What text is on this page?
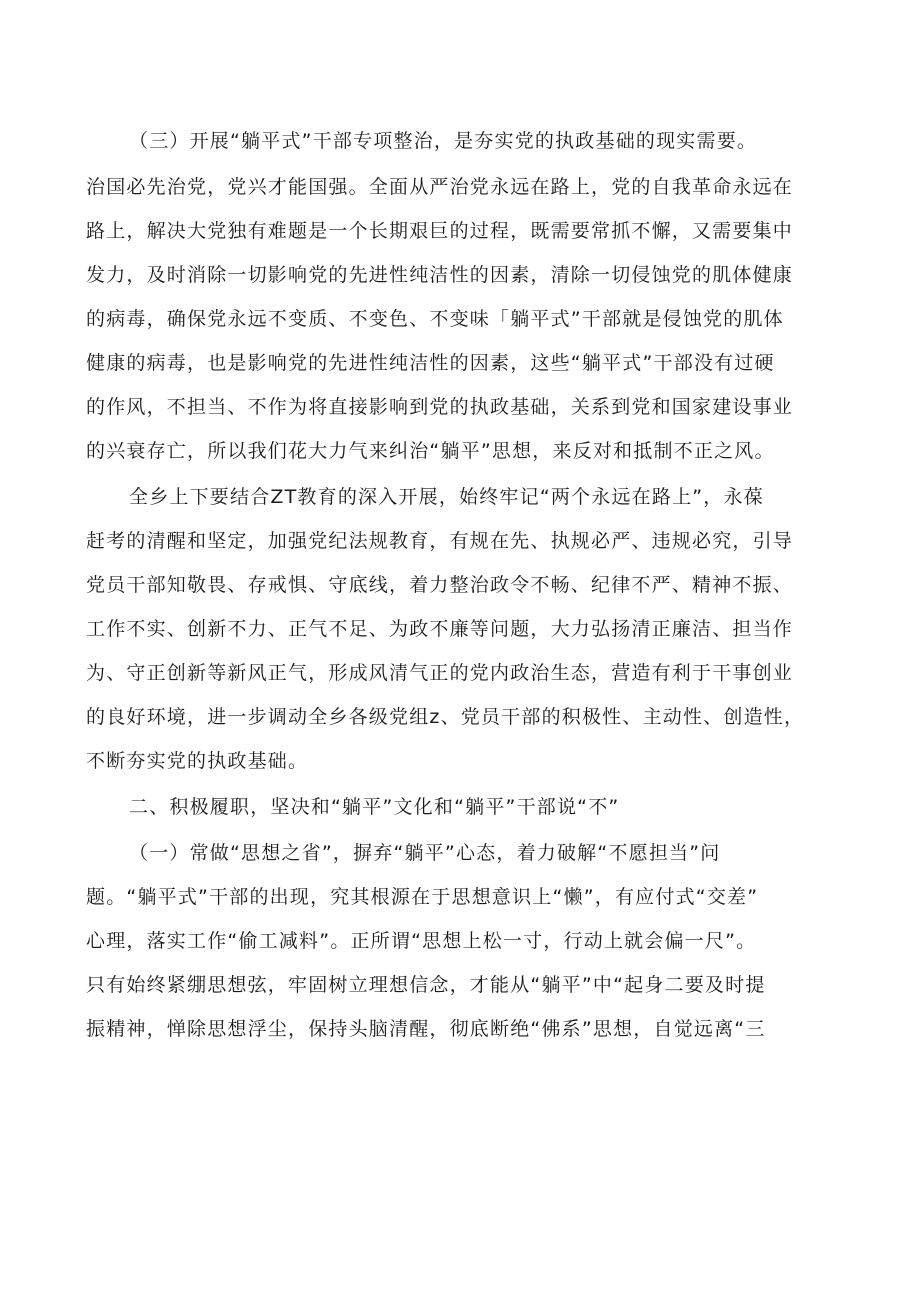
（三）开展“躺平式”干部专项整治，是夯实党的执政基础的现实需要。

治国必先治党，党兴才能国强。全面从严治党永远在路上，党的自我革命永远在

路上，解决大党独有难题是一个长期艰巨的过程，既需要常抓不懈，又需要集中

发力，及时消除一切影响党的先进性纯洁性的因素，清除一切侵蚀党的肌体健康

的病毒，确保党永远不变质、不变色、不变味「躺平式”干部就是侵蚀党的肌体

健康的病毒，也是影响党的先进性纯洁性的因素，这些“躺平式”干部没有过硬

的作风，不担当、不作为将直接影响到党的执政基础，关系到党和国家建设事业

的兴衰存亡，所以我们花大力气来纠治“躺平”思想，来反对和抵制不正之风。

全乡上下要结合ZT教育的深入开展，始终牢记“两个永远在路上”，永葆

赶考的清醒和坚定，加强党纪法规教育，有规在先、执规必严、违规必究，引导

党员干部知敬畏、存戒惧、守底线，着力整治政令不畅、纪律不严、精神不振、

工作不实、创新不力、正气不足、为政不廉等问题，大力弘扬清正廉洁、担当作

为、守正创新等新风正气，形成风清气正的党内政治生态，营造有利于干事创业

的良好环境，进一步调动全乡各级党组z、党员干部的积极性、主动性、创造性，

不断夯实党的执政基础。

二、积极履职，坚决和“躺平”文化和“躺平”干部说“不”

（一）常做“思想之省”，摒弃“躺平”心态，着力破解“不愿担当”问

题。“躺平式”干部的出现，究其根源在于思想意识上“懒”，有应付式“交差”

心理，落实工作“偷工减料”。正所谓“思想上松一寸，行动上就会偏一尺”。

只有始终紧绷思想弦，牢固树立理想信念，才能从“躺平”中“起身二要及时提

振精神，惮除思想浮尘，保持头脑清醒，彻底断绝“佛系”思想，自觉远离“三
